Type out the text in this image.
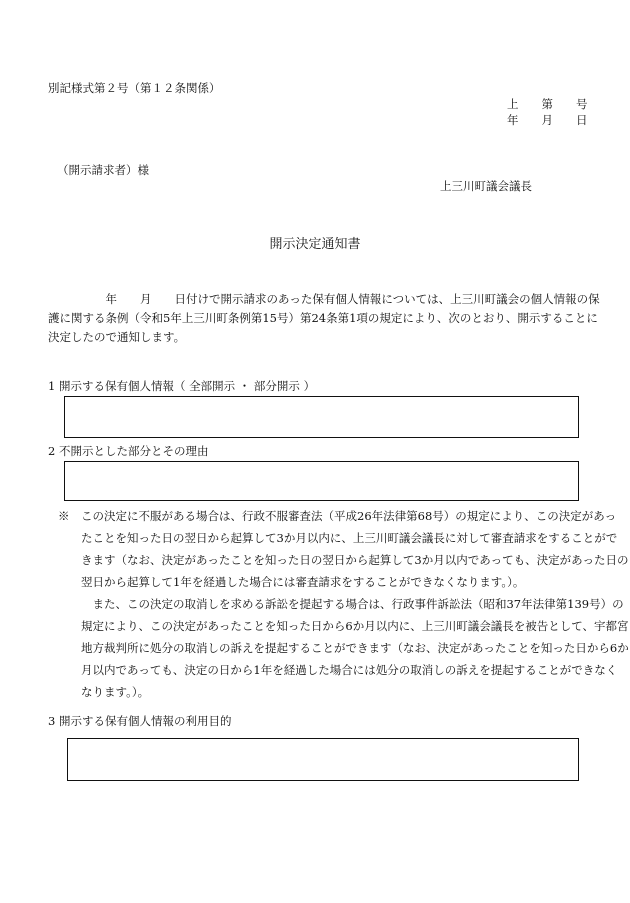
別記様式第２号（第１２条関係）
上　　第　　号
年　　月　　日
（開示請求者）様
上三川町議会議長
開示決定通知書
　　　　　年　　月　　日付けで開示請求のあった保有個人情報については、上三川町議会の個人情報の保
護に関する条例（令和5年上三川町条例第15号）第24条第1項の規定により、次のとおり、開示することに
決定したので通知します。
1 開示する保有個人情報（ 全部開示 ・ 部分開示 ）
2 不開示とした部分とその理由
※　この決定に不服がある場合は、行政不服審査法（平成26年法律第68号）の規定により、この決定があっ
　　たことを知った日の翌日から起算して3か月以内に、上三川町議会議長に対して審査請求をすることがで
　　きます（なお、決定があったことを知った日の翌日から起算して3か月以内であっても、決定があった日の
　　翌日から起算して1年を経過した場合には審査請求をすることができなくなります。）。
　　　また、この決定の取消しを求める訴訟を提起する場合は、行政事件訴訟法（昭和37年法律第139号）の
　　規定により、この決定があったことを知った日から6か月以内に、上三川町議会議長を被告として、宇都宮
　　地方裁判所に処分の取消しの訴えを提起することができます（なお、決定があったことを知った日から6か
　　月以内であっても、決定の日から1年を経過した場合には処分の取消しの訴えを提起することができなく
　　なります。）。
3 開示する保有個人情報の利用目的
